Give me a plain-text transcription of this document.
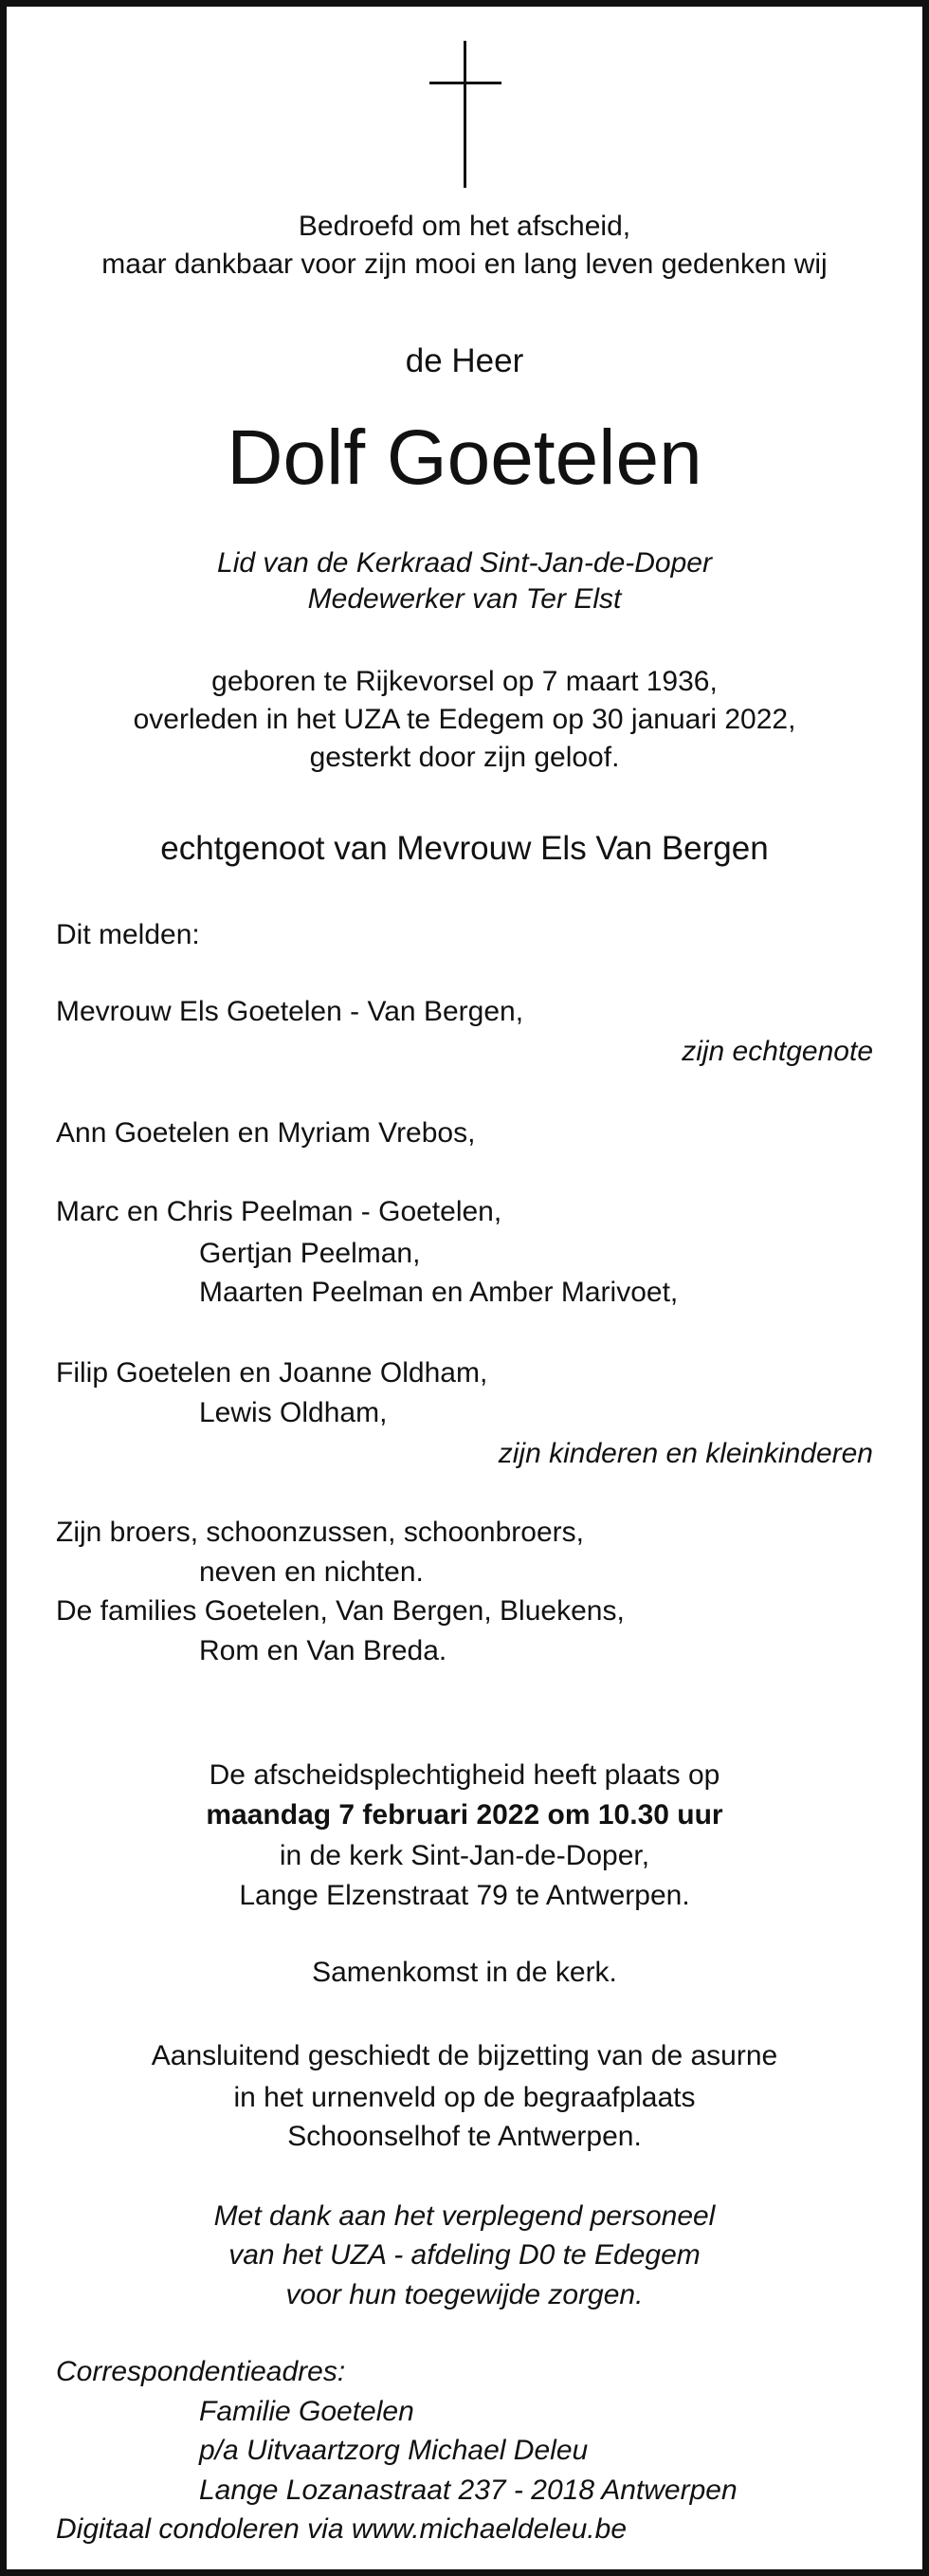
Bedroefd om het afscheid,
maar dankbaar voor zijn mooi en lang leven gedenken wij
de Heer
Dolf Goetelen
Lid van de Kerkraad Sint-Jan-de-Doper
Medewerker van Ter Elst
geboren te Rijkevorsel op 7 maart 1936,
overleden in het UZA te Edegem op 30 januari 2022,
gesterkt door zijn geloof.
echtgenoot van Mevrouw Els Van Bergen
Dit melden:
Mevrouw Els Goetelen - Van Bergen,
zijn echtgenote
Ann Goetelen en Myriam Vrebos,
Marc en Chris Peelman - Goetelen,
Gertjan Peelman,
Maarten Peelman en Amber Marivoet,
Filip Goetelen en Joanne Oldham,
Lewis Oldham,
zijn kinderen en kleinkinderen
Zijn broers, schoonzussen, schoonbroers,
neven en nichten.
De families Goetelen, Van Bergen, Bluekens,
Rom en Van Breda.
De afscheidsplechtigheid heeft plaats op
maandag 7 februari 2022 om 10.30 uur
in de kerk Sint-Jan-de-Doper,
Lange Elzenstraat 79 te Antwerpen.
Samenkomst in de kerk.
Aansluitend geschiedt de bijzetting van de asurne
in het urnenveld op de begraafplaats
Schoonselhof te Antwerpen.
Met dank aan het verplegend personeel
van het UZA - afdeling D0 te Edegem
voor hun toegewijde zorgen.
Correspondentieadres:
Familie Goetelen
p/a Uitvaartzorg Michael Deleu
Lange Lozanastraat 237 - 2018 Antwerpen
Digitaal condoleren via www.michaeldeleu.be
